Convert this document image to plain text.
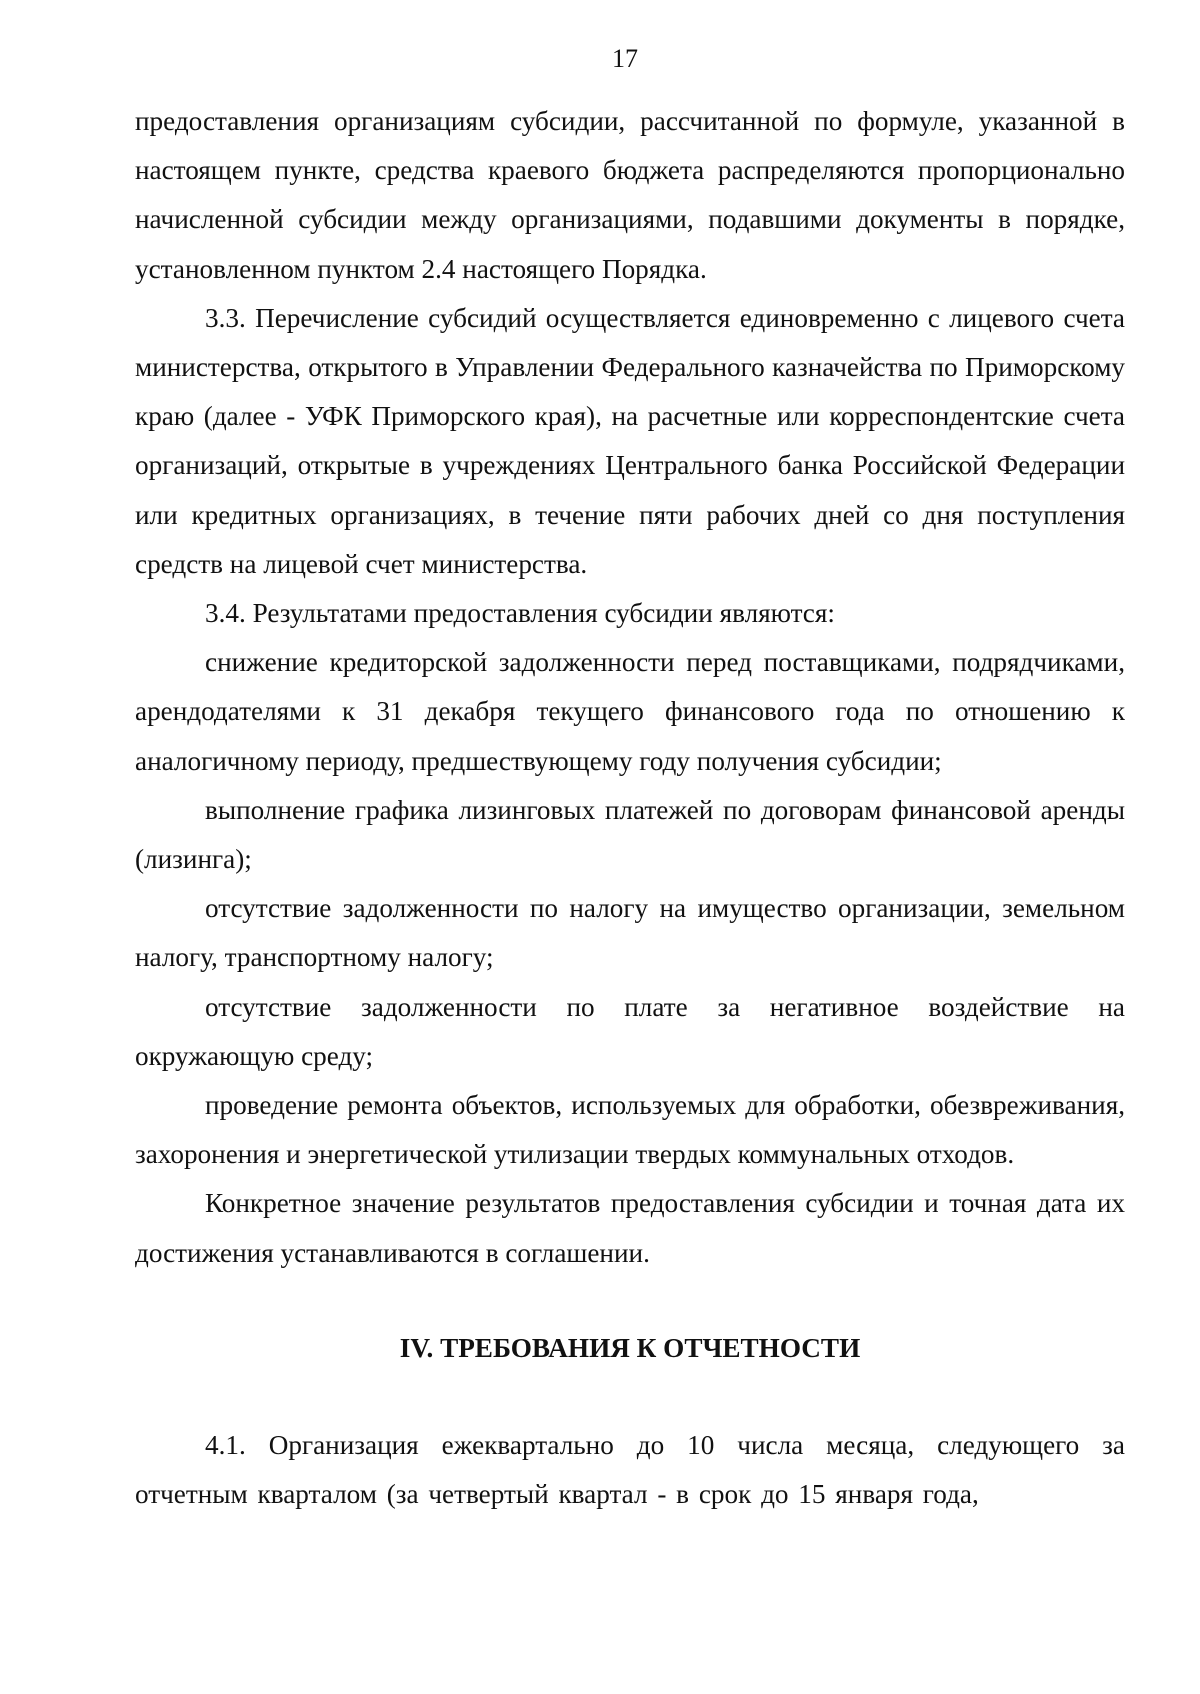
17

предоставления организациям субсидии, рассчитанной по формуле, указанной в настоящем пункте, средства краевого бюджета распределяются пропорционально начисленной субсидии между организациями, подавшими документы в порядке, установленном пунктом 2.4 настоящего Порядка.

3.3. Перечисление субсидий осуществляется единовременно с лицевого счета министерства, открытого в Управлении Федерального казначейства по Приморскому краю (далее - УФК Приморского края), на расчетные или корреспондентские счета организаций, открытые в учреждениях Центрального банка Российской Федерации или кредитных организациях, в течение пяти рабочих дней со дня поступления средств на лицевой счет министерства.

3.4. Результатами предоставления субсидии являются:

снижение кредиторской задолженности перед поставщиками, подрядчиками, арендодателями к 31 декабря текущего финансового года по отношению к аналогичному периоду, предшествующему году получения субсидии;

выполнение графика лизинговых платежей по договорам финансовой аренды (лизинга);

отсутствие задолженности по налогу на имущество организации, земельном налогу, транспортному налогу;

отсутствие задолженности по плате за негативное воздействие на окружающую среду;

проведение ремонта объектов, используемых для обработки, обезвреживания, захоронения и энергетической утилизации твердых коммунальных отходов.

Конкретное значение результатов предоставления субсидии и точная дата их достижения устанавливаются в соглашении.

IV. ТРЕБОВАНИЯ К ОТЧЕТНОСТИ

4.1. Организация ежеквартально до 10 числа месяца, следующего за отчетным кварталом (за четвертый квартал - в срок до 15 января года,
